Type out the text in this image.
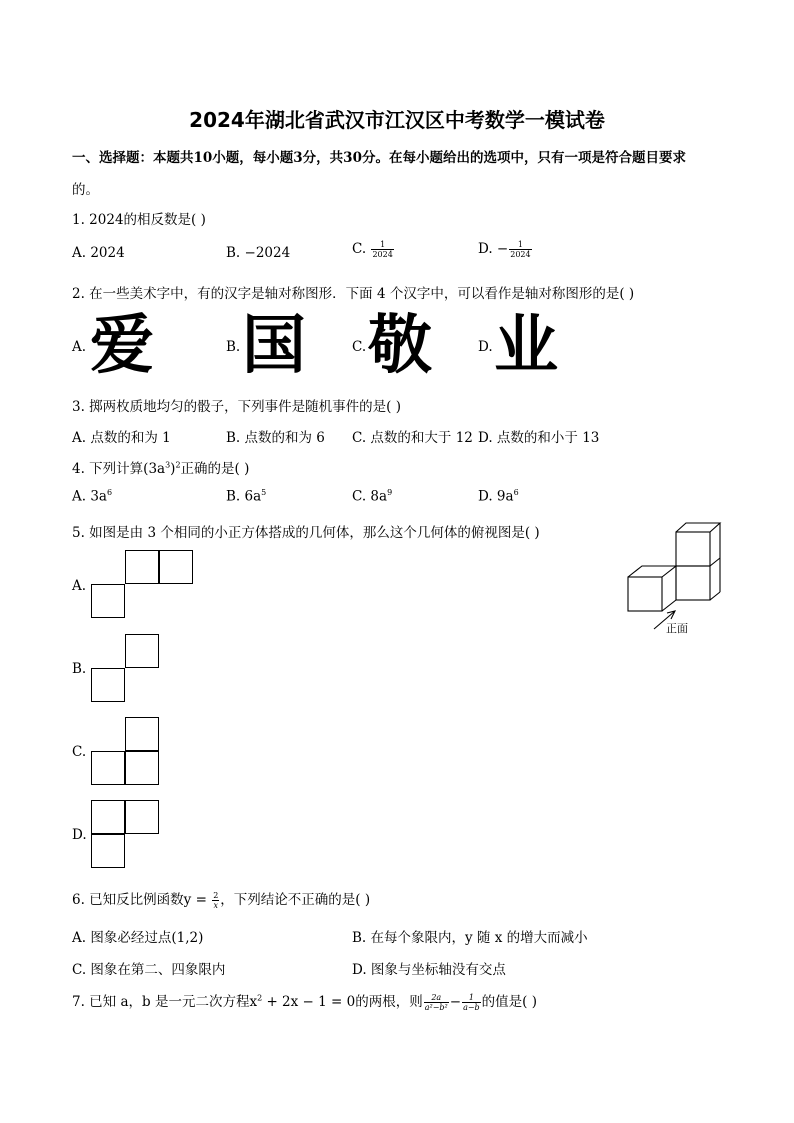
2024年湖北省武汉市江汉区中考数学一模试卷
一、选择题：本题共10小题，每小题3分，共30分。在每小题给出的选项中，只有一项是符合题目要求
的。
1. 2024的相反数是( )
A. 2024	B. −2024	C. $\frac{1}{2024}$	D. − $\frac{1}{2024}$
2. 在一些美术字中，有的汉字是轴对称图形．下面 4 个汉字中，可以看作是轴对称图形的是( )
A. 爱	B. 国	C. 敬	D. 业
3. 掷两枚质地均匀的骰子，下列事件是随机事件的是( )
A. 点数的和为 1	B. 点数的和为 6 C. 点数的和大于 12 D. 点数的和小于 13
4. 下列计算$(3a^3)^2$正确的是( )
A. $3a^6$	B. $6a^5$	C. $8a^9$	D. $9a^6$
5. 如图是由 3 个相同的小正方体搭成的几何体，那么这个几何体的俯视图是( )
正面
A.
B.
C.
D.
6. 已知反比例函数$y = \frac{2}{x}$ ，下列结论不正确的是( )
A. 图象必经过点(1,2)	B. 在每个象限内，y 随 x 的增大而减小
C. 图象在第二、四象限内	D. 图象与坐标轴没有交点
7. 已知 a，b 是一元二次方程$x^2 + 2x - 1 = 0$的两根，则 $\frac{2a}{\text{a²−b²}} - \frac{1}{a-b}$ 的值是( )
